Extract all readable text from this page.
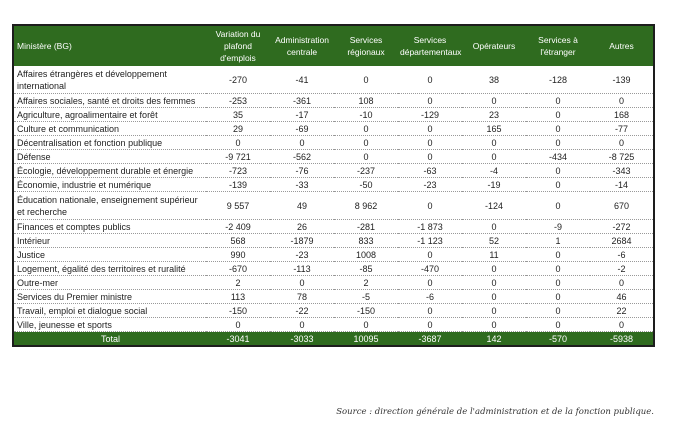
Ministère (BG)	Variation du plafond d'emplois	Administration centrale	Services régionaux	Services départementaux	Opérateurs	Services à l'étranger	Autres
Affaires étrangères et développement international	-270	-41	0	0	38	-128	-139
Affaires sociales, santé et droits des femmes	-253	-361	108	0	0	0	0
Agriculture, agroalimentaire et forêt	35	-17	-10	-129	23	0	168
Culture et communication	29	-69	0	0	165	0	-77
Décentralisation et fonction publique	0	0	0	0	0	0	0
Défense	-9 721	-562	0	0	0	-434	-8 725
Écologie, développement durable et énergie	-723	-76	-237	-63	-4	0	-343
Économie, industrie et numérique	-139	-33	-50	-23	-19	0	-14
Éducation nationale, enseignement supérieur et recherche	9 557	49	8 962	0	-124	0	670
Finances et comptes publics	-2 409	26	-281	-1 873	0	-9	-272
Intérieur	568	-1879	833	-1 123	52	1	2684
Justice	990	-23	1008	0	11	0	-6
Logement, égalité des territoires et ruralité	-670	-113	-85	-470	0	0	-2
Outre-mer	2	0	2	0	0	0	0
Services du Premier ministre	113	78	-5	-6	0	0	46
Travail, emploi et dialogue social	-150	-22	-150	0	0	0	22
Ville, jeunesse et sports	0	0	0	0	0	0	0
Total	-3041	-3033	10095	-3687	142	-570	-5938
Source : direction générale de l'administration et de la fonction publique.
